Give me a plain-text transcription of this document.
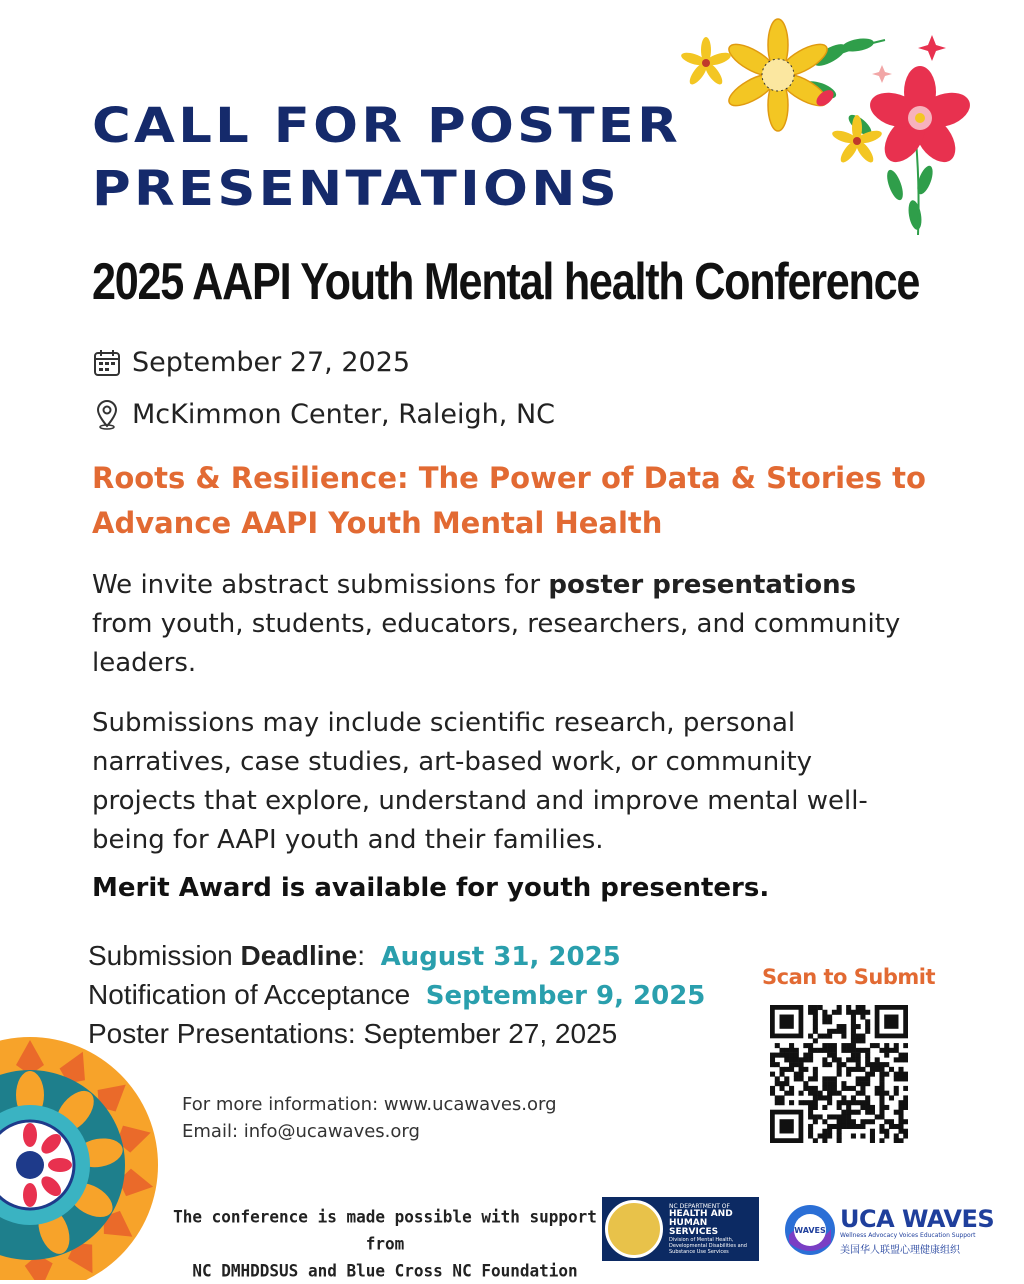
CALL FOR POSTER
PRESENTATIONS
2025 AAPI Youth Mental health Conference
September 27, 2025
McKimmon Center, Raleigh, NC
Roots & Resilience: The Power of Data & Stories to Advance AAPI Youth Mental Health
We invite abstract submissions for poster presentations from youth, students, educators, researchers, and community leaders.
Submissions may include scientific research, personal narratives, case studies, art-based work, or community projects that explore, understand and improve mental well-being for AAPI youth and their families.
Merit Award is available for youth presenters.
Submission Deadline: August 31, 2025
Notification of Acceptance September 9, 2025
Poster Presentations: September 27, 2025
Scan to Submit
For more information: www.ucawaves.org
Email: info@ucawaves.org
The conference is made possible with support from
NC DMHDDSUS and Blue Cross NC Foundation
NC DEPARTMENT OF
HEALTH AND
HUMAN SERVICES
Division of Mental Health, Developmental Disabilities and Substance Use Services
WAVES UCA WAVES
Wellness Advocacy Voices Education Support
美国华人联盟心理健康组织
